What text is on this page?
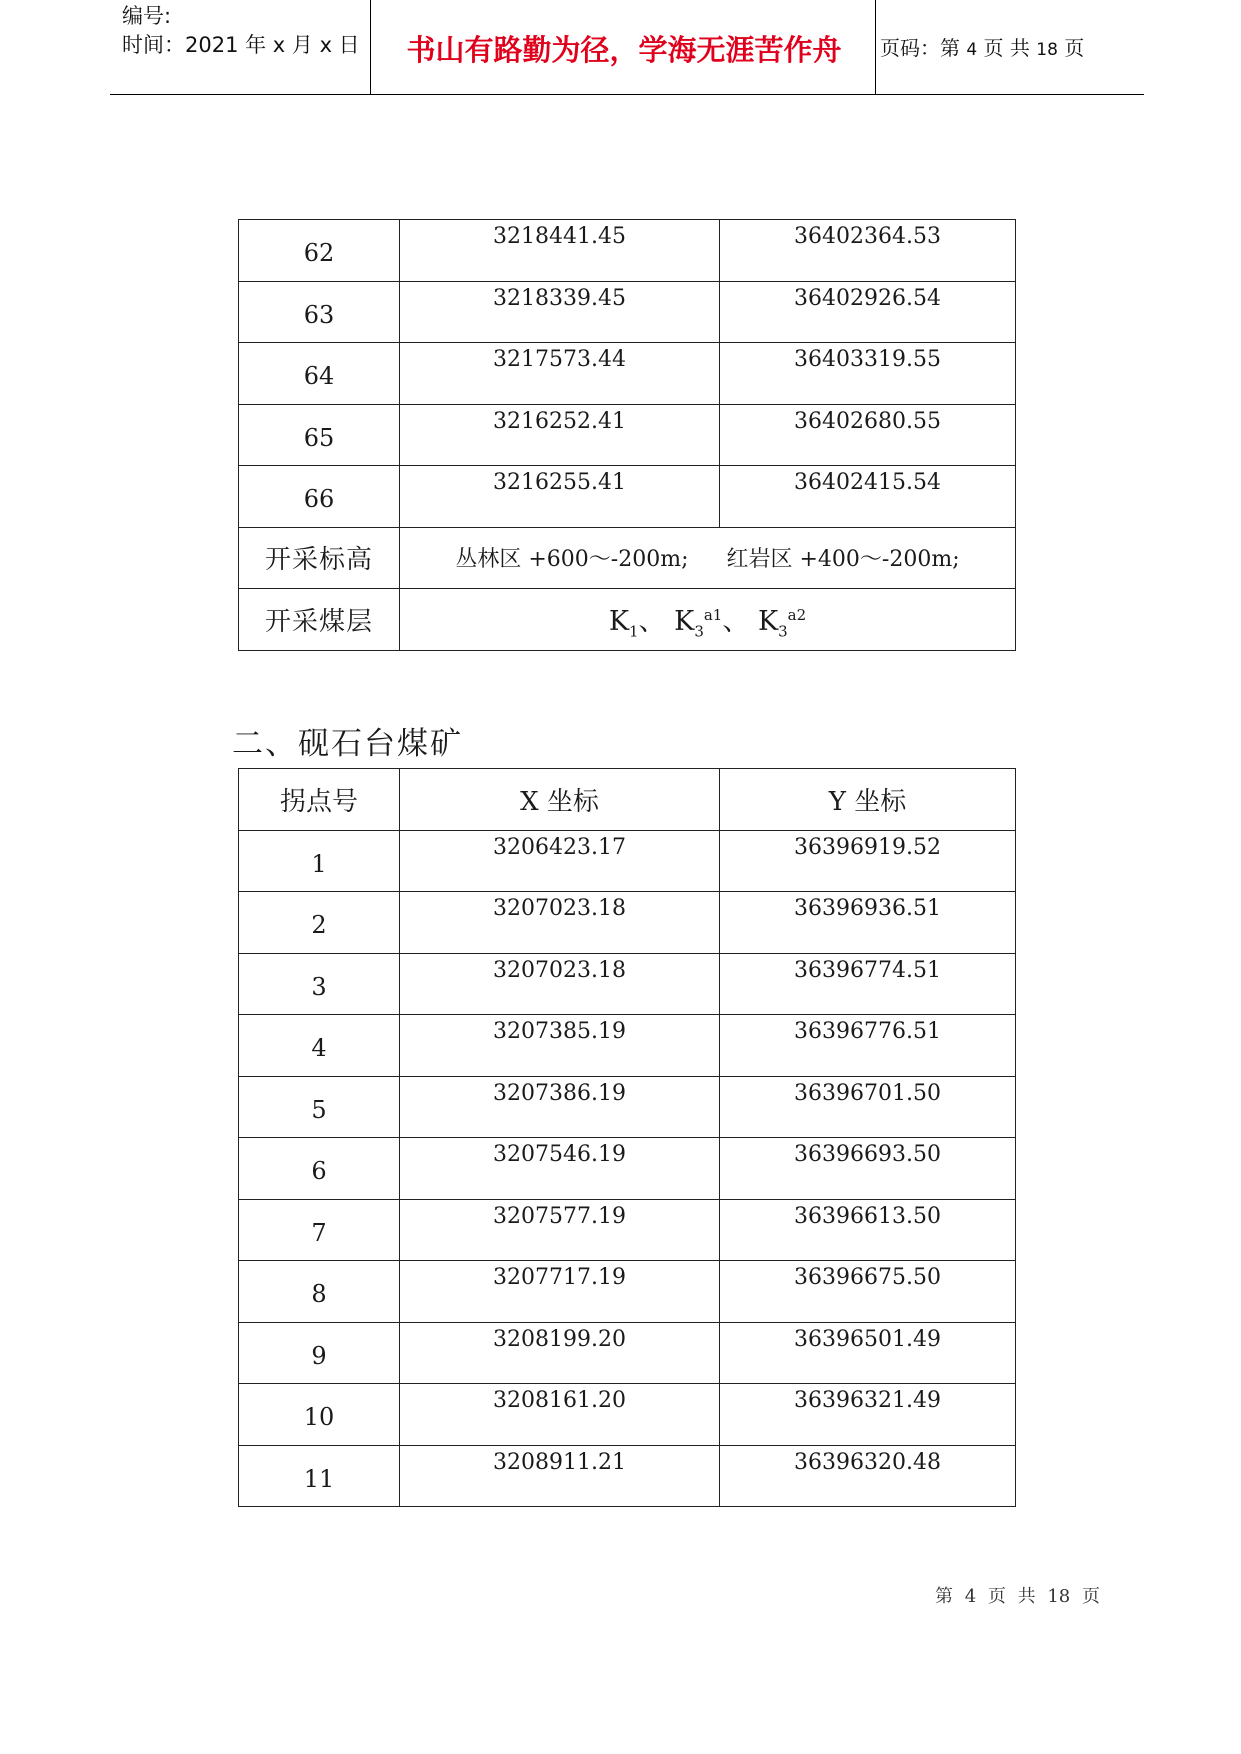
编号:
时间：2021 年 x 月 x 日	书山有路勤为径，学海无涯苦作舟	页码：第 4 页 共 18 页
62	3218441.45	36402364.53
63	3218339.45	36402926.54
64	3217573.44	36403319.55
65	3216252.41	36402680.55
66	3216255.41	36402415.54
开采标高	丛林区 +600～-200m; 红岩区 +400～-200m;	
开采煤层	$K_1$、 $K_3^{a1}$、 $K_3^{a2}$
二、砚石台煤矿
拐点号	X 坐标	Y 坐标
1	3206423.17	36396919.52
2	3207023.18	36396936.51
3	3207023.18	36396774.51
4	3207385.19	36396776.51
5	3207386.19	36396701.50
6	3207546.19	36396693.50
7	3207577.19	36396613.50
8	3207717.19	36396675.50
9	3208199.20	36396501.49
10	3208161.20	36396321.49
11	3208911.21	36396320.48
第 4 页 共 18 页
